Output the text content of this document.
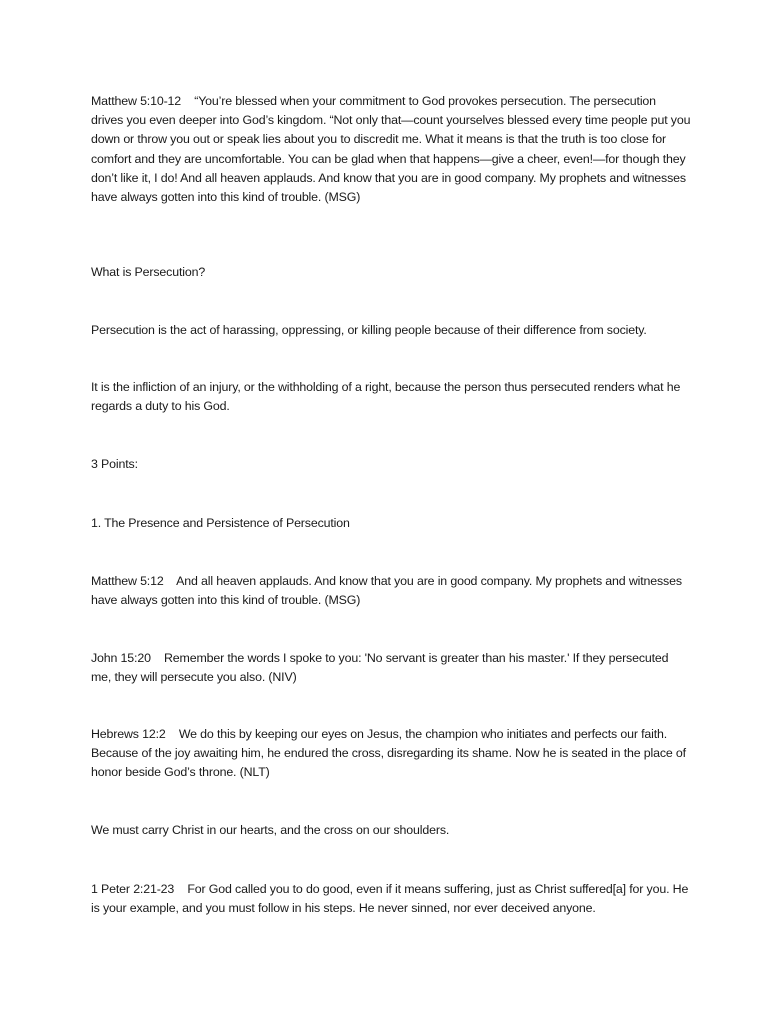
Matthew 5:10-12 “You’re blessed when your commitment to God provokes persecution. The persecution drives you even deeper into God’s kingdom. “Not only that—count yourselves blessed every time people put you down or throw you out or speak lies about you to discredit me. What it means is that the truth is too close for comfort and they are uncomfortable. You can be glad when that happens—give a cheer, even!—for though they don’t like it, I do! And all heaven applauds. And know that you are in good company. My prophets and witnesses have always gotten into this kind of trouble. (MSG)

What is Persecution?

Persecution is the act of harassing, oppressing, or killing people because of their difference from society.

It is the infliction of an injury, or the withholding of a right, because the person thus persecuted renders what he regards a duty to his God.

3 Points:

1. The Presence and Persistence of Persecution

Matthew 5:12 And all heaven applauds. And know that you are in good company. My prophets and witnesses have always gotten into this kind of trouble. (MSG)

John 15:20 Remember the words I spoke to you: 'No servant is greater than his master.' If they persecuted me, they will persecute you also. (NIV)

Hebrews 12:2 We do this by keeping our eyes on Jesus, the champion who initiates and perfects our faith. Because of the joy awaiting him, he endured the cross, disregarding its shame. Now he is seated in the place of honor beside God’s throne. (NLT)

We must carry Christ in our hearts, and the cross on our shoulders.

1 Peter 2:21-23 For God called you to do good, even if it means suffering, just as Christ suffered[a] for you. He is your example, and you must follow in his steps. He never sinned, nor ever deceived anyone.
